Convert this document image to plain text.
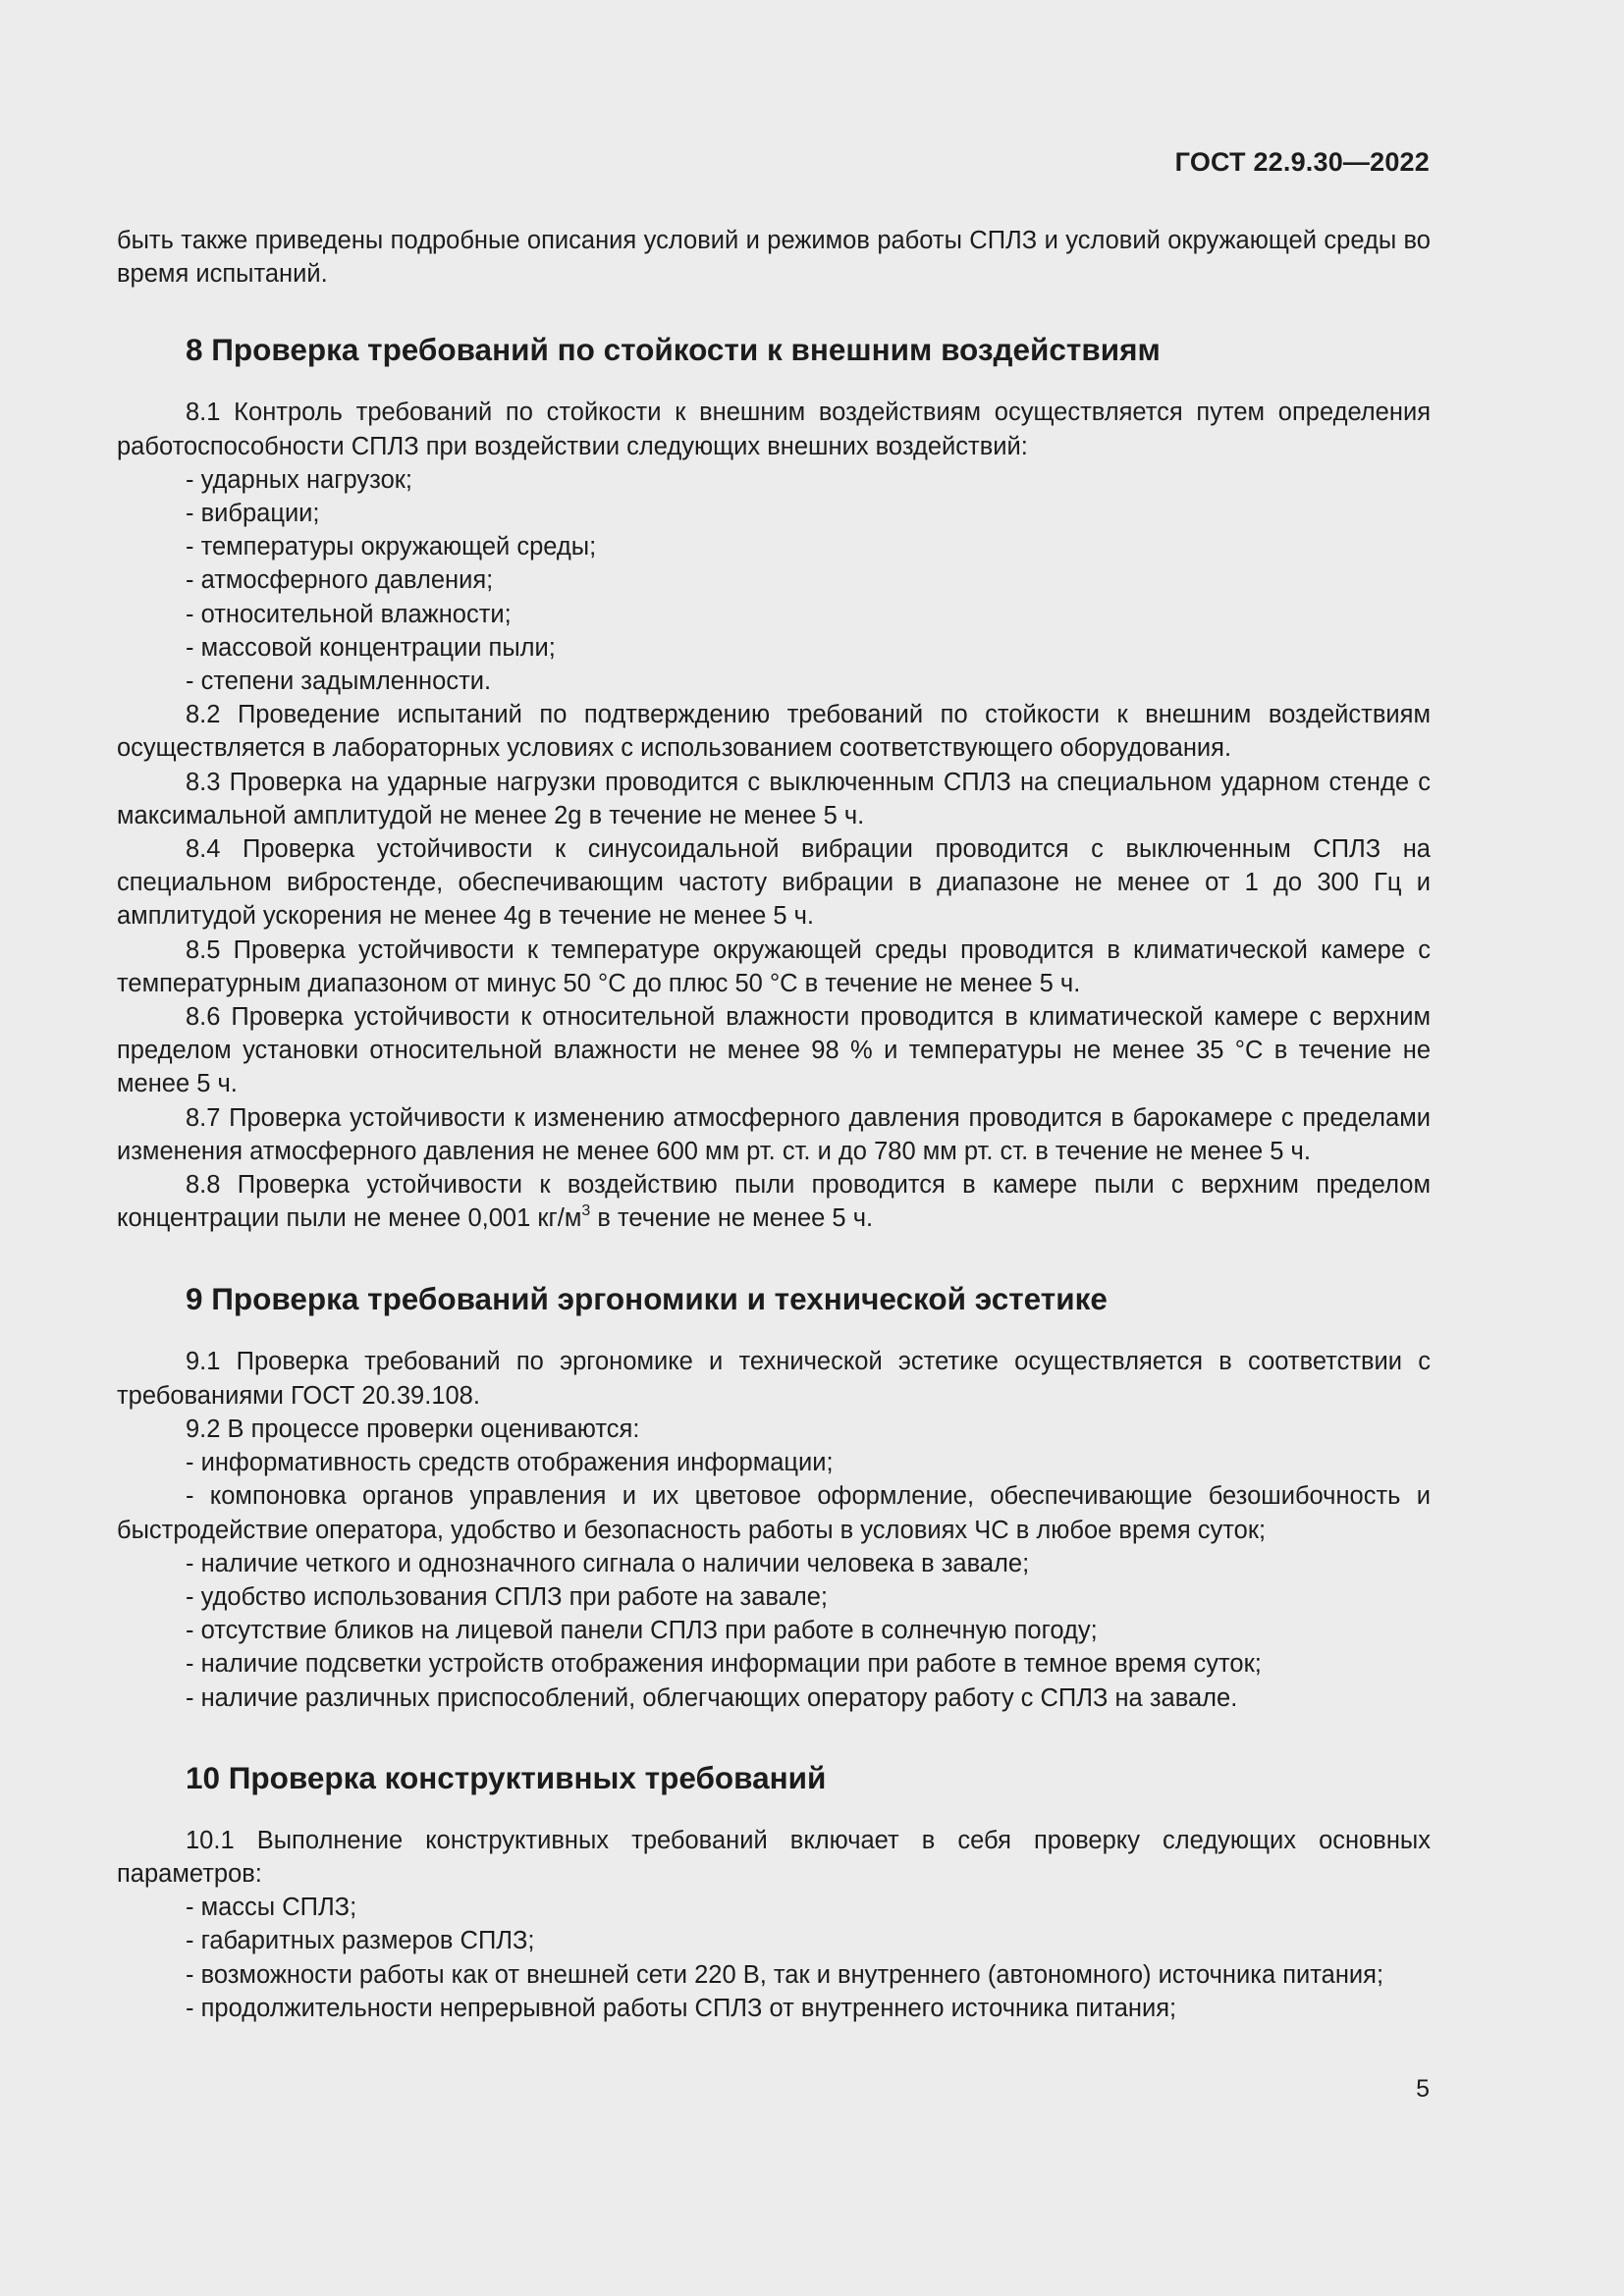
ГОСТ 22.9.30—2022

быть также приведены подробные описания условий и режимов работы СПЛЗ и условий окружающей среды во время испытаний.

8 Проверка требований по стойкости к внешним воздействиям

8.1 Контроль требований по стойкости к внешним воздействиям осуществляется путем определения работоспособности СПЛЗ при воздействии следующих внешних воздействий:

- ударных нагрузок;

- вибрации;

- температуры окружающей среды;

- атмосферного давления;

- относительной влажности;

- массовой концентрации пыли;

- степени задымленности.

8.2 Проведение испытаний по подтверждению требований по стойкости к внешним воздействиям осуществляется в лабораторных условиях с использованием соответствующего оборудования.

8.3 Проверка на ударные нагрузки проводится с выключенным СПЛЗ на специальном ударном стенде с максимальной амплитудой не менее 2g в течение не менее 5 ч.

8.4 Проверка устойчивости к синусоидальной вибрации проводится с выключенным СПЛЗ на специальном вибростенде, обеспечивающим частоту вибрации в диапазоне не менее от 1 до 300 Гц и амплитудой ускорения не менее 4g в течение не менее 5 ч.

8.5 Проверка устойчивости к температуре окружающей среды проводится в климатической камере с температурным диапазоном от минус 50 °С до плюс 50 °С в течение не менее 5 ч.

8.6 Проверка устойчивости к относительной влажности проводится в климатической камере с верхним пределом установки относительной влажности не менее 98 % и температуры не менее 35 °С в течение не менее 5 ч.

8.7 Проверка устойчивости к изменению атмосферного давления проводится в барокамере с пределами изменения атмосферного давления не менее 600 мм рт. ст. и до 780 мм рт. ст. в течение не менее 5 ч.

8.8 Проверка устойчивости к воздействию пыли проводится в камере пыли с верхним пределом концентрации пыли не менее 0,001 $кг/м^3$ в течение не менее 5 ч.

9 Проверка требований эргономики и технической эстетике

9.1 Проверка требований по эргономике и технической эстетике осуществляется в соответствии с требованиями ГОСТ 20.39.108.

9.2 В процессе проверки оцениваются:

- информативность средств отображения информации;

- компоновка органов управления и их цветовое оформление, обеспечивающие безошибочность и быстродействие оператора, удобство и безопасность работы в условиях ЧС в любое время суток;

- наличие четкого и однозначного сигнала о наличии человека в завале;

- удобство использования СПЛЗ при работе на завале;

- отсутствие бликов на лицевой панели СПЛЗ при работе в солнечную погоду;

- наличие подсветки устройств отображения информации при работе в темное время суток;

- наличие различных приспособлений, облегчающих оператору работу с СПЛЗ на завале.

10 Проверка конструктивных требований

10.1 Выполнение конструктивных требований включает в себя проверку следующих основных параметров:

- массы СПЛЗ;

- габаритных размеров СПЛЗ;

- возможности работы как от внешней сети 220 В, так и внутреннего (автономного) источника питания;

- продолжительности непрерывной работы СПЛЗ от внутреннего источника питания;

5
